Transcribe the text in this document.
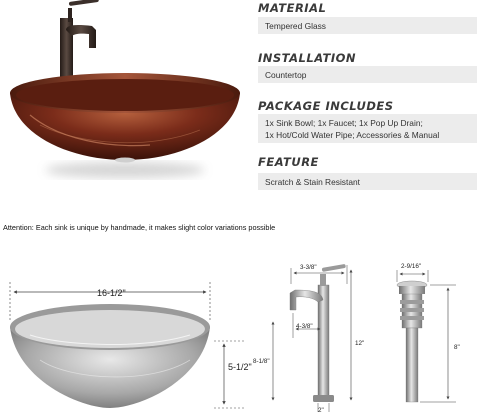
MATERIAL
Tempered Glass
INSTALLATION
Countertop
PACKAGE INCLUDES
1x Sink Bowl; 1x Faucet; 1x Pop Up Drain;
1x Hot/Cold Water Pipe; Accessories & Manual
FEATURE
Scratch & Stain Resistant
Attention: Each sink is unique by handmade, it makes slight color variations possible
16-1/2"
5-1/2"
3-3/8"
4-3/8"
8-1/8"
12"
2"
2-9/16"
8"
